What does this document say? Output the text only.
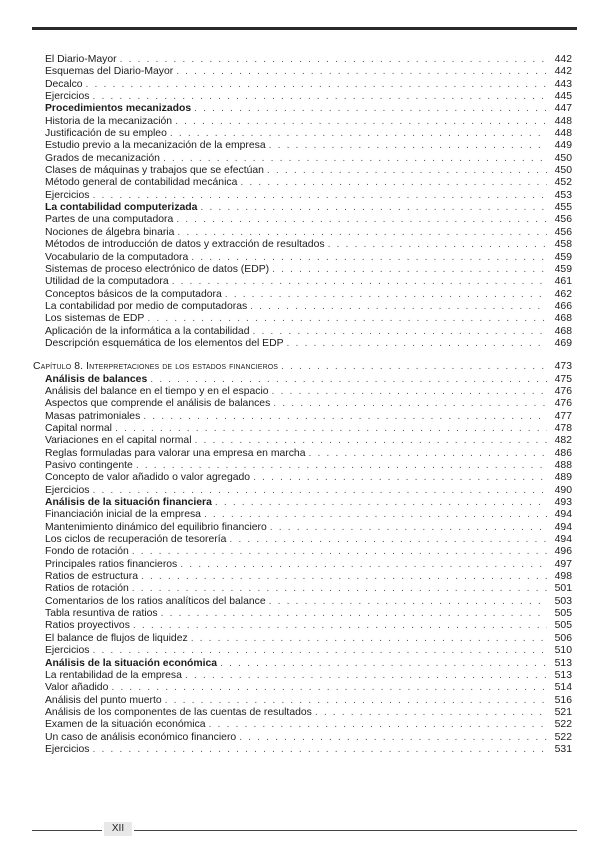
El Diario-Mayor . . .	442
Esquemas del Diario-Mayor . . .	442
Decalco . . .	443
Ejercicios . . .	445
Procedimientos mecanizados . . .	447
Historia de la mecanización . . .	448
Justificación de su empleo . . .	448
Estudio previo a la mecanización de la empresa . . .	449
Grados de mecanización . . .	450
Clases de máquinas y trabajos que se efectúan . . .	450
Método general de contabilidad mecánica . . .	452
Ejercicios . . .	453
La contabilidad computerizada . . .	455
Partes de una computadora . . .	456
Nociones de álgebra binaria . . .	456
Métodos de introducción de datos y extracción de resultados . . .	458
Vocabulario de la computadora . . .	459
Sistemas de proceso electrónico de datos (EDP) . . .	459
Utilidad de la computadora . . .	461
Conceptos básicos de la computadora . . .	462
La contabilidad por medio de computadoras . . .	466
Los sistemas de EDP . . .	468
Aplicación de la informática a la contabilidad . . .	468
Descripción esquemática de los elementos del EDP . . .	469
Capítulo 8. Interpretaciones de los estados financieros . . .	473
Análisis de balances . . .	475
Análisis del balance en el tiempo y en el espacio . . .	476
Aspectos que comprende el análisis de balances . . .	476
Masas patrimoniales . . .	477
Capital normal . . .	478
Variaciones en el capital normal . . .	482
Reglas formuladas para valorar una empresa en marcha . . .	486
Pasivo contingente . . .	488
Concepto de valor añadido o valor agregado . . .	489
Ejercicios . . .	490
Análisis de la situación financiera . . .	493
Financiación inicial de la empresa . . .	494
Mantenimiento dinámico del equilibrio financiero . . .	494
Los ciclos de recuperación de tesorería . . .	494
Fondo de rotación . . .	496
Principales ratios financieros . . .	497
Ratios de estructura . . .	498
Ratios de rotación . . .	501
Comentarios de los ratios analíticos del balance . . .	503
Tabla resuntiva de ratios . . .	505
Ratios proyectivos . . .	505
El balance de flujos de liquidez . . .	506
Ejercicios . . .	510
Análisis de la situación económica . . .	513
La rentabilidad de la empresa . . .	513
Valor añadido . . .	514
Análisis del punto muerto . . .	516
Análisis de los componentes de las cuentas de resultados . . .	521
Examen de la situación económica . . .	522
Un caso de análisis económico financiero . . .	522
Ejercicios . . .	531
XII
